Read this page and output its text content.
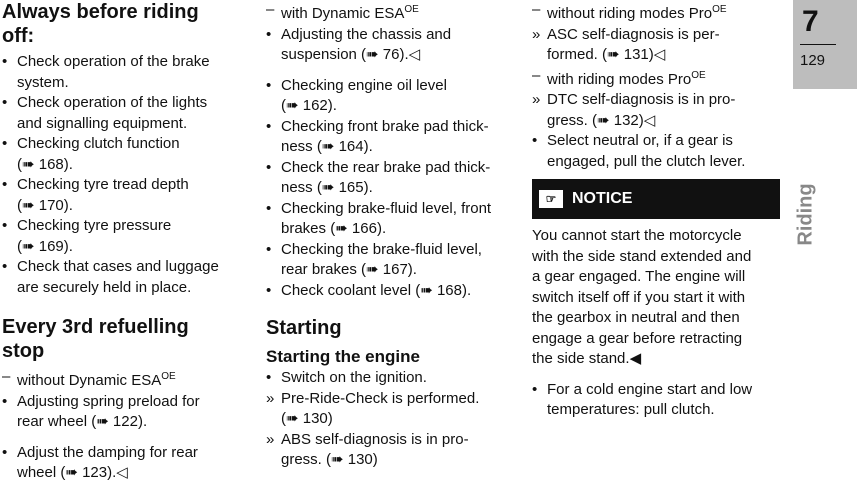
Always before riding
off:
• Check operation of the brake
system.
• Check operation of the lights
and signalling equipment.
• Checking clutch function
(➠ 168).
• Checking tyre tread depth
(➠ 170).
• Checking tyre pressure
(➠ 169).
• Check that cases and luggage
are securely held in place.
Every 3rd refuelling
stop
– without Dynamic $ESA^{OE}$
• Adjusting spring preload for
rear wheel (➠ 122).
• Adjust the damping for rear
wheel (➠ 123).◁
– with Dynamic $ESA^{OE}$
• Adjusting the chassis and
suspension (➠ 76).◁
• Checking engine oil level
(➠ 162).
• Checking front brake pad thick-
ness (➠ 164).
• Check the rear brake pad thick-
ness (➠ 165).
• Checking brake-fluid level, front
brakes (➠ 166).
• Checking the brake-fluid level,
rear brakes (➠ 167).
• Check coolant level (➠ 168).
Starting
Starting the engine
• Switch on the ignition.
» Pre-Ride-Check is performed.
(➠ 130)
» ABS self-diagnosis is in pro-
gress. (➠ 130)
– without riding modes Pro$^{OE}$
» ASC self-diagnosis is per-
formed. (➠ 131)◁
– with riding modes Pro$^{OE}$
» DTC self-diagnosis is in pro-
gress. (➠ 132)◁
• Select neutral or, if a gear is
engaged, pull the clutch lever.
☞ NOTICE
You cannot start the motorcycle
with the side stand extended and
a gear engaged. The engine will
switch itself off if you start it with
the gearbox in neutral and then
engage a gear before retracting
the side stand.◀
• For a cold engine start and low
temperatures: pull clutch.
7
129
Riding
